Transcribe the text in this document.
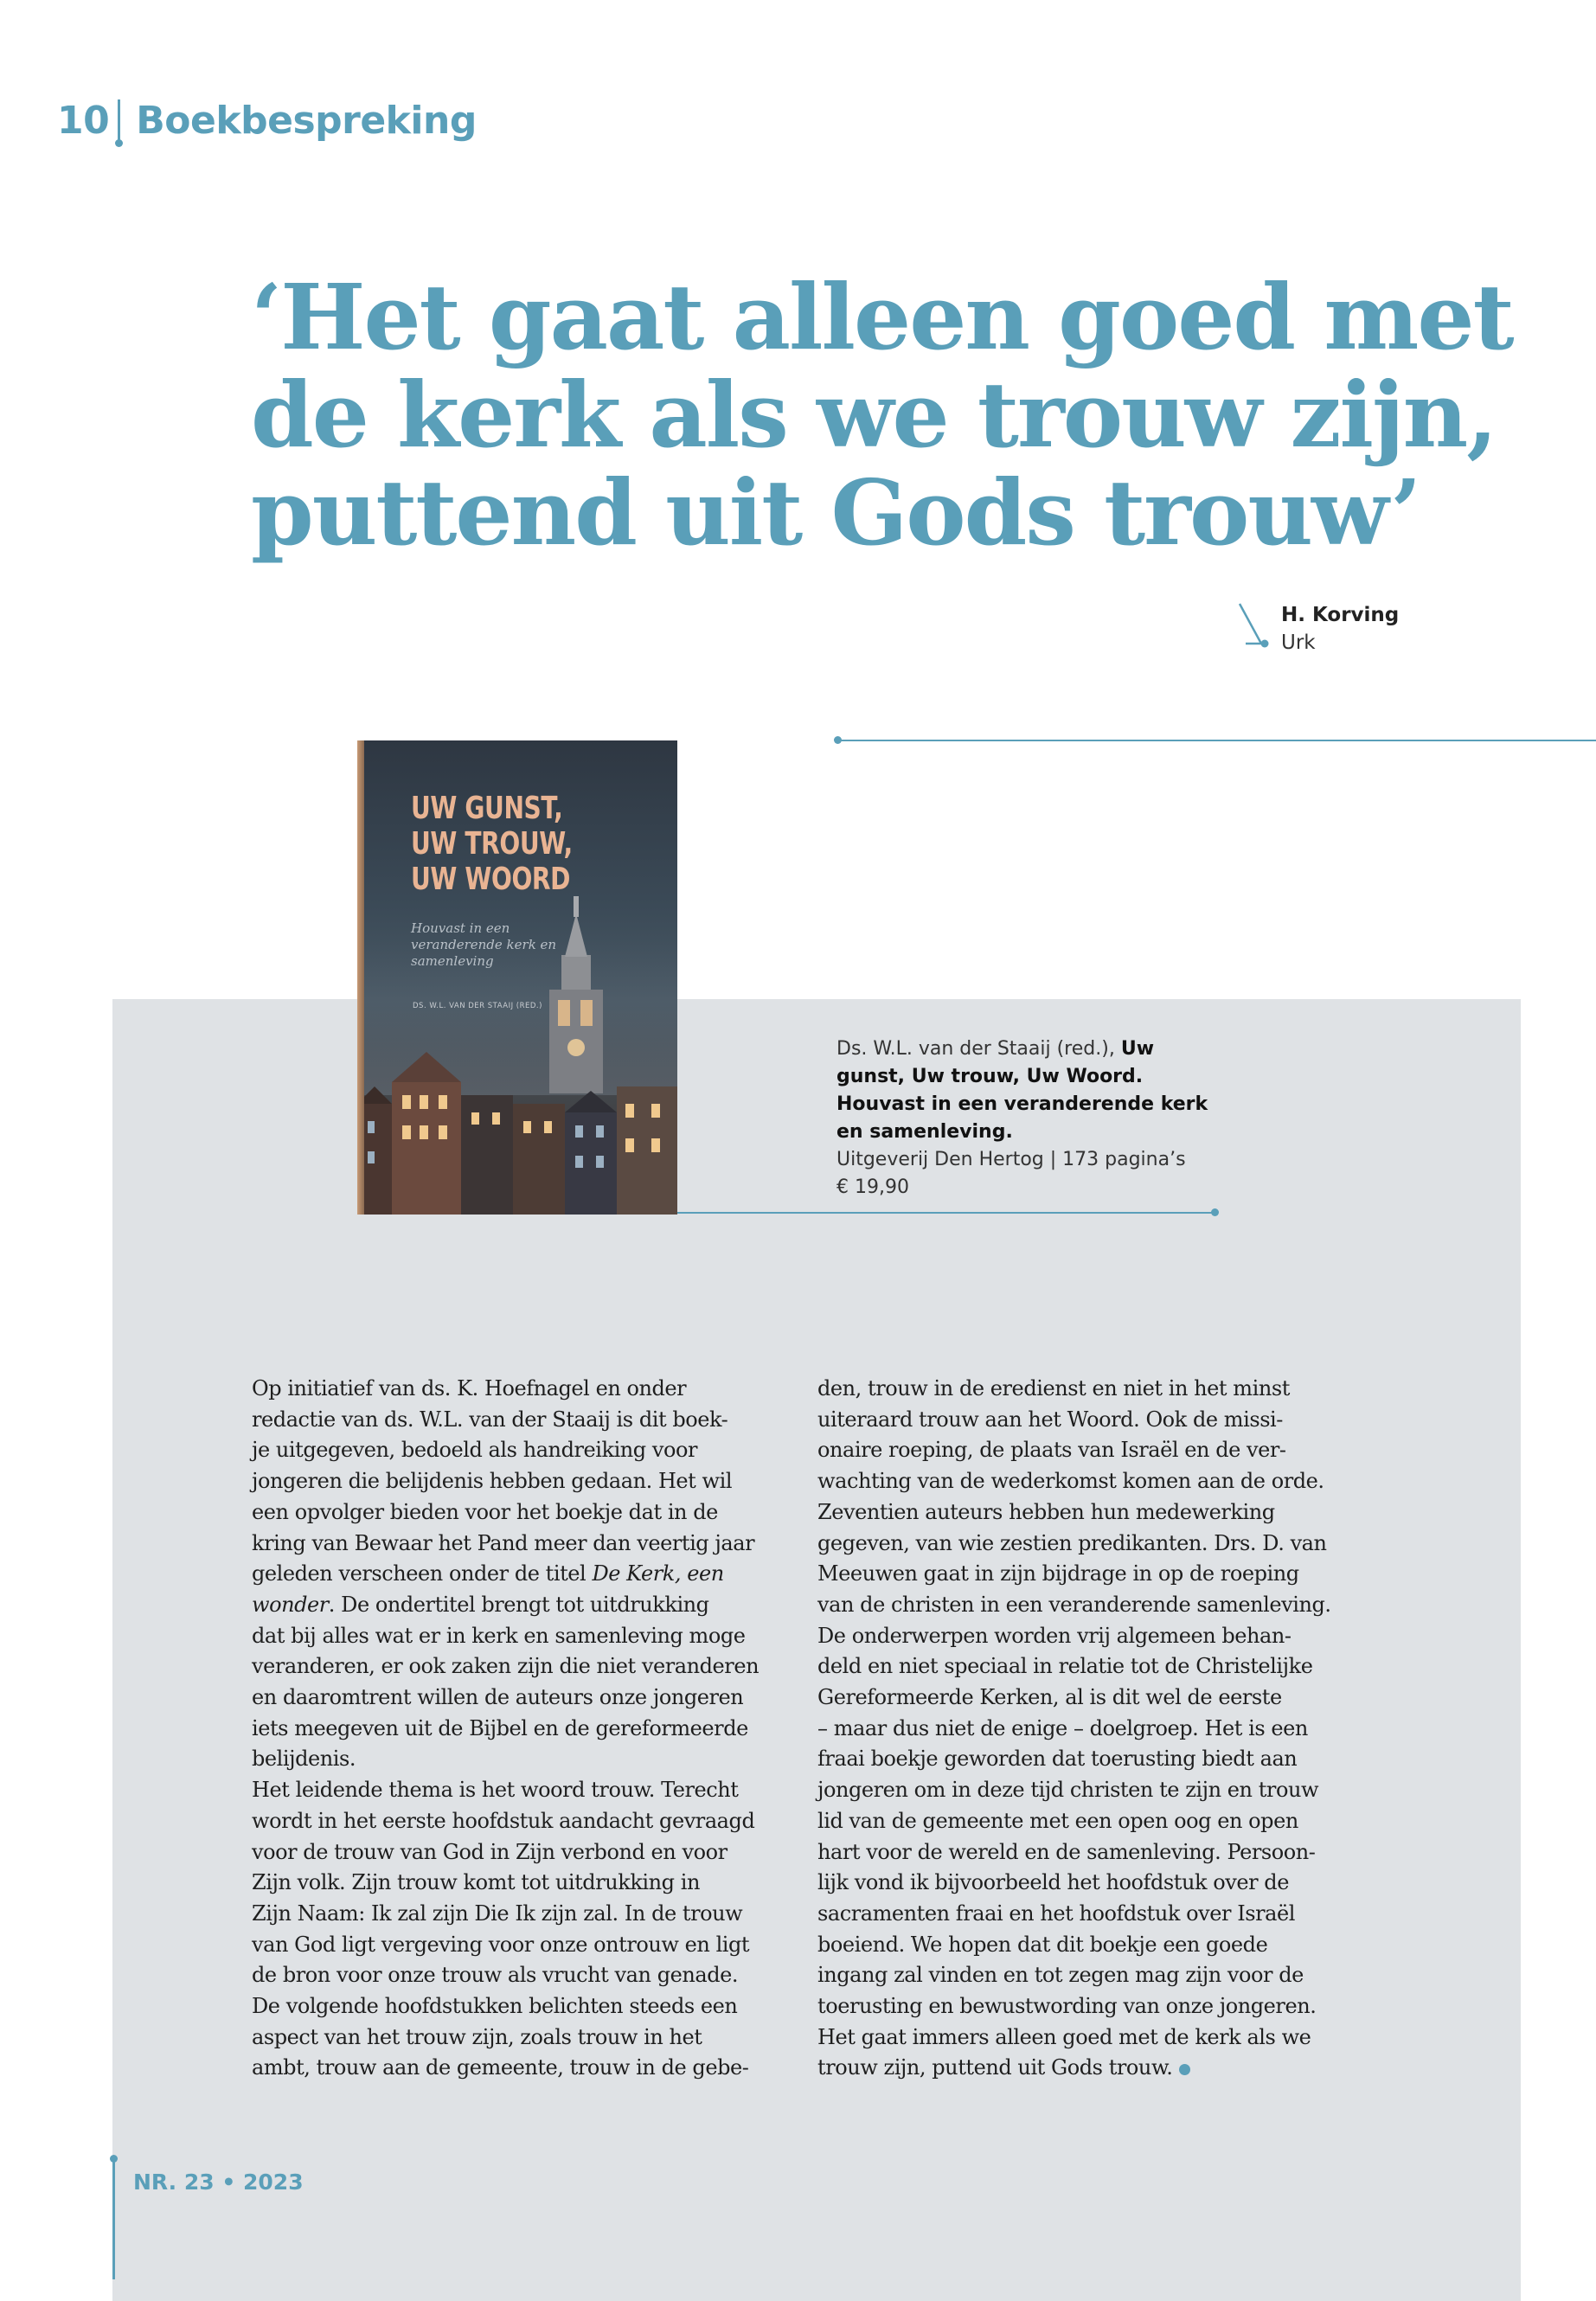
10 Boekbespreking
‘Het gaat alleen goed met
de kerk als we trouw zijn,
puttend uit Gods trouw’
H. Korving
Urk
UW GUNST,
UW TROUW,
UW WOORD
Houvast in een veranderende kerk en samenleving
DS. W.L. VAN DER STAAIJ (RED.)
Ds. W.L. van der Staaij (red.), Uw gunst, Uw trouw, Uw Woord. Houvast in een veranderende kerk en samenleving.
Uitgeverij Den Hertog | 173 pagina’s
€ 19,90
Op initiatief van ds. K. Hoefnagel en onder
redactie van ds. W.L. van der Staaij is dit boek-
je uitgegeven, bedoeld als handreiking voor
jongeren die belijdenis hebben gedaan. Het wil
een opvolger bieden voor het boekje dat in de
kring van Bewaar het Pand meer dan veertig jaar
geleden verscheen onder de titel De Kerk, een
wonder. De ondertitel brengt tot uitdrukking
dat bij alles wat er in kerk en samenleving moge
veranderen, er ook zaken zijn die niet veranderen
en daaromtrent willen de auteurs onze jongeren
iets meegeven uit de Bijbel en de gereformeerde
belijdenis.
Het leidende thema is het woord trouw. Terecht
wordt in het eerste hoofdstuk aandacht gevraagd
voor de trouw van God in Zijn verbond en voor
Zijn volk. Zijn trouw komt tot uitdrukking in
Zijn Naam: Ik zal zijn Die Ik zijn zal. In de trouw
van God ligt vergeving voor onze ontrouw en ligt
de bron voor onze trouw als vrucht van genade.
De volgende hoofdstukken belichten steeds een
aspect van het trouw zijn, zoals trouw in het
ambt, trouw aan de gemeente, trouw in de gebe-
den, trouw in de eredienst en niet in het minst
uiteraard trouw aan het Woord. Ook de missi-
onaire roeping, de plaats van Israël en de ver-
wachting van de wederkomst komen aan de orde.
Zeventien auteurs hebben hun medewerking
gegeven, van wie zestien predikanten. Drs. D. van
Meeuwen gaat in zijn bijdrage in op de roeping
van de christen in een veranderende samenleving.
De onderwerpen worden vrij algemeen behan-
deld en niet speciaal in relatie tot de Christelijke
Gereformeerde Kerken, al is dit wel de eerste
– maar dus niet de enige – doelgroep. Het is een
fraai boekje geworden dat toerusting biedt aan
jongeren om in deze tijd christen te zijn en trouw
lid van de gemeente met een open oog en open
hart voor de wereld en de samenleving. Persoon-
lijk vond ik bijvoorbeeld het hoofdstuk over de
sacramenten fraai en het hoofdstuk over Israël
boeiend. We hopen dat dit boekje een goede
ingang zal vinden en tot zegen mag zijn voor de
toerusting en bewustwording van onze jongeren.
Het gaat immers alleen goed met de kerk als we
trouw zijn, puttend uit Gods trouw.
NR. 23 • 2023
